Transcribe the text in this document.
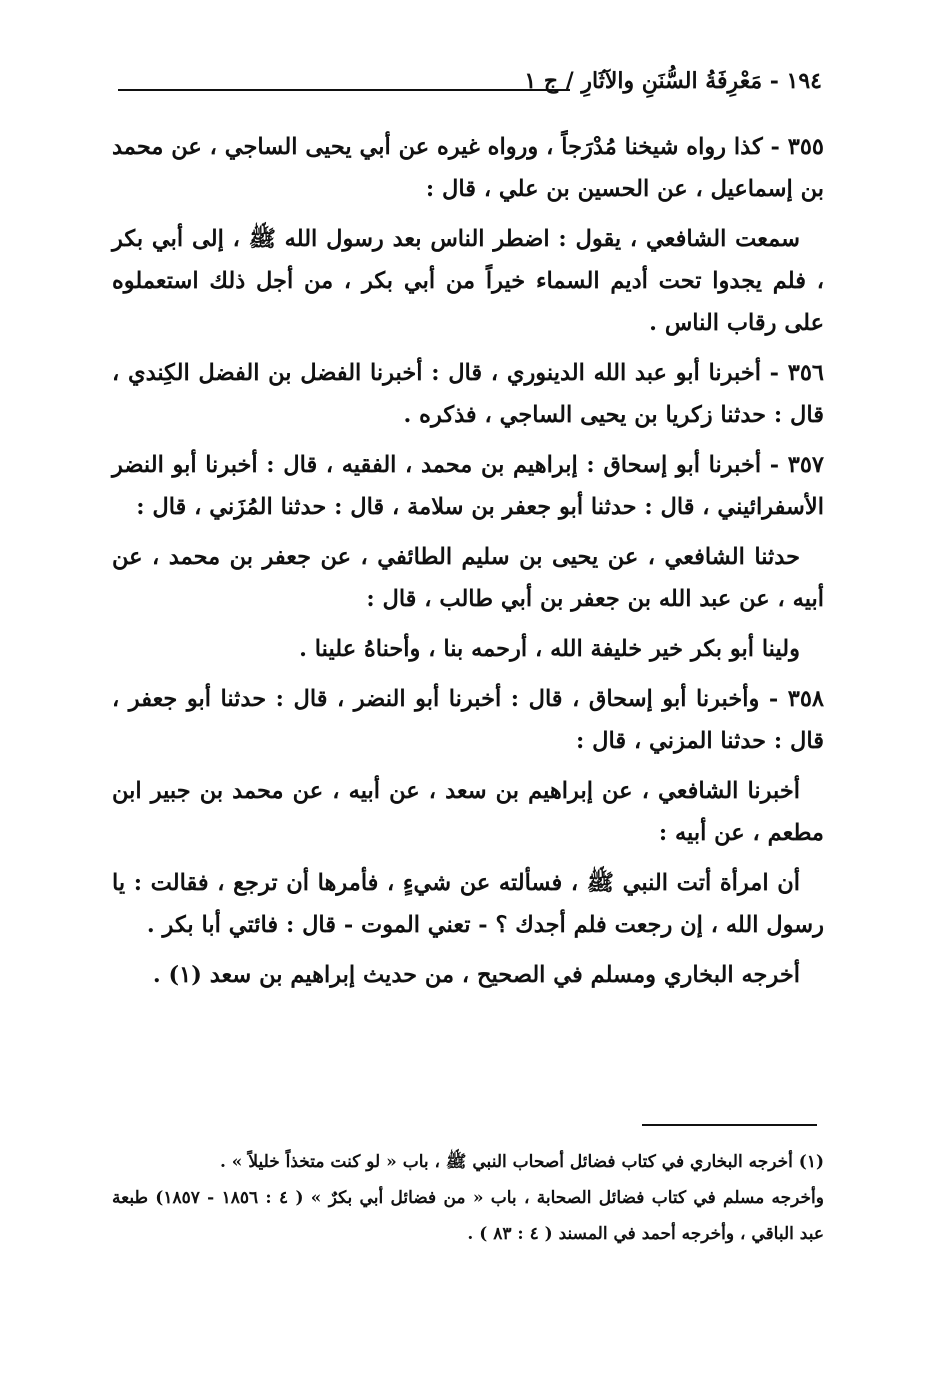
١٩٤ - مَعْرِفَةُ السُّنَنِ والآثَارِ / ج ١

٣٥٥ - كذا رواه شيخنا مُدْرَجاً ، ورواه غيره عن أبي يحيى الساجي ، عن محمد بن إسماعيل ، عن الحسين بن علي ، قال :

سمعت الشافعي ، يقول : اضطر الناس بعد رسول الله ﷺ ، إلى أبي بكر ، فلم يجدوا تحت أديم السماء خيراً من أبي بكر ، من أجل ذلك استعملوه على رقاب الناس .

٣٥٦ - أخبرنا أبو عبد الله الدينوري ، قال : أخبرنا الفضل بن الفضل الكِندي ، قال : حدثنا زكريا بن يحيى الساجي ، فذكره .

٣٥٧ - أخبرنا أبو إسحاق : إبراهيم بن محمد ، الفقيه ، قال : أخبرنا أبو النضر الأسفرائيني ، قال : حدثنا أبو جعفر بن سلامة ، قال : حدثنا المُزَني ، قال :

حدثنا الشافعي ، عن يحيى بن سليم الطائفي ، عن جعفر بن محمد ، عن أبيه ، عن عبد الله بن جعفر بن أبي طالب ، قال :

ولينا أبو بكر خير خليفة الله ، أرحمه بنا ، وأحناهُ علينا .

٣٥٨ - وأخبرنا أبو إسحاق ، قال : أخبرنا أبو النضر ، قال : حدثنا أبو جعفر ، قال : حدثنا المزني ، قال :

أخبرنا الشافعي ، عن إبراهيم بن سعد ، عن أبيه ، عن محمد بن جبير ابن مطعم ، عن أبيه :

أن امرأة أتت النبي ﷺ ، فسألته عن شيءٍ ، فأمرها أن ترجع ، فقالت : يا رسول الله ، إن رجعت فلم أجدك ؟ - تعني الموت - قال : فائتي أبا بكر .

أخرجه البخاري ومسلم في الصحيح ، من حديث إبراهيم بن سعد (١) .

(١) أخرجه البخاري في كتاب فضائل أصحاب النبي ﷺ ، باب « لو كنت متخذاً خليلاً » .

وأخرجه مسلم في كتاب فضائل الصحابة ، باب « من فضائل أبي بكرٌ » ( ٤ : ١٨٥٦ - ١٨٥٧) طبعة عبد الباقي ، وأخرجه أحمد في المسند ( ٤ : ٨٣ ) .
